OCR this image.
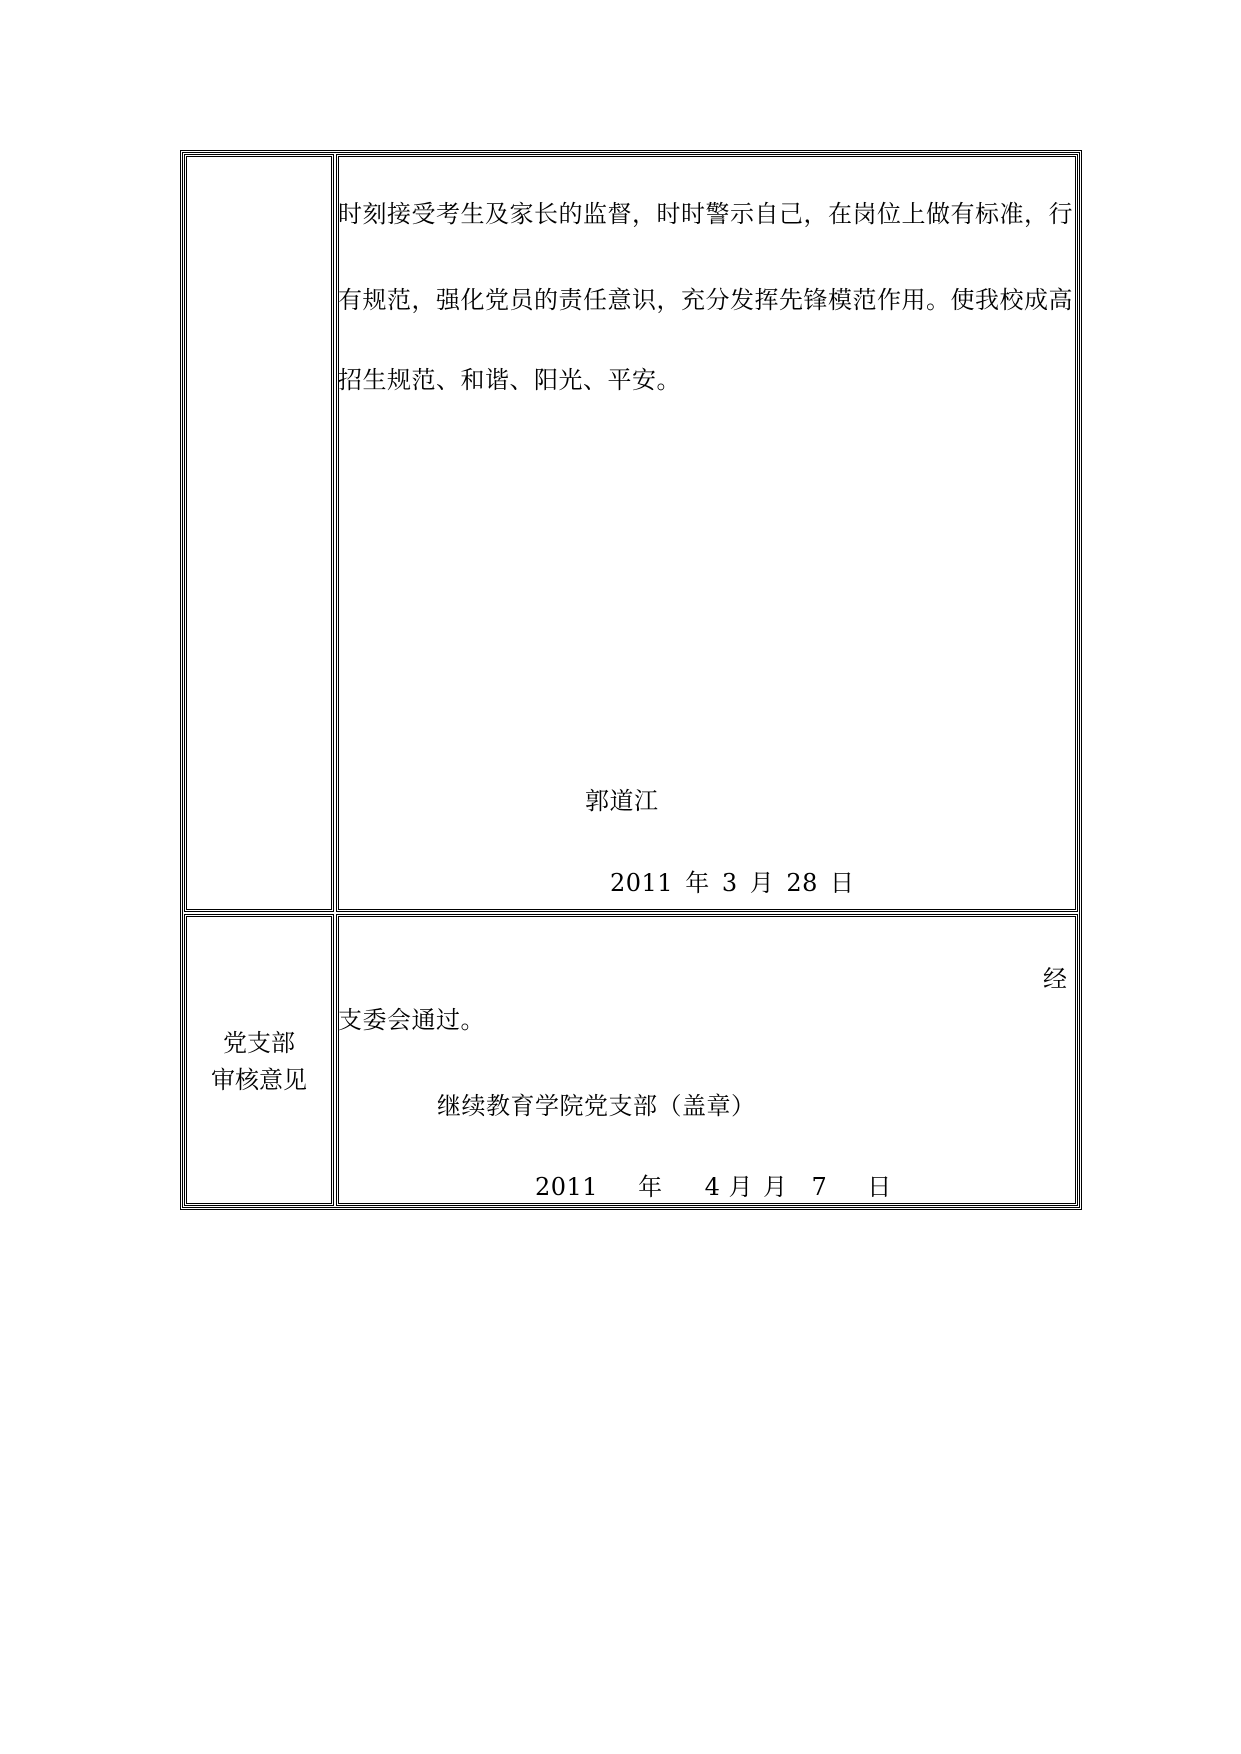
时刻接受考生及家长的监督，时时警示自己，在岗位上做有标准，行
有规范，强化党员的责任意识，充分发挥先锋模范作用。使我校成高
招生规范、和谐、阳光、平安。
郭道江
2011 年 3 月 28 日
党支部
审核意见
经
支委会通过。
继续教育学院党支部（盖章）
2011 年 4 月 月 7 日
